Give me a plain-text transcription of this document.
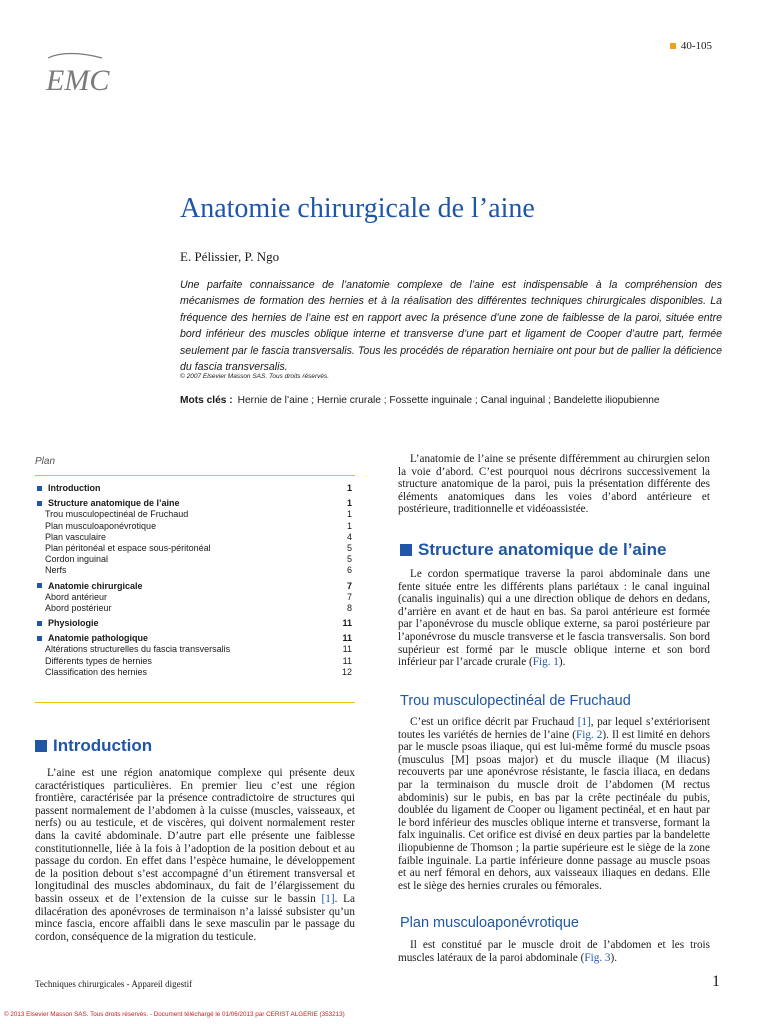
EMC
40-105
Anatomie chirurgicale de l’aine
E. Pélissier, P. Ngo
Une parfaite connaissance de l’anatomie complexe de l’aine est indispensable à la compréhension des mécanismes de formation des hernies et à la réalisation des différentes techniques chirurgicales disponibles. La fréquence des hernies de l’aine est en rapport avec la présence d’une zone de faiblesse de la paroi, située entre bord inférieur des muscles oblique interne et transverse d’une part et ligament de Cooper d’autre part, fermée seulement par le fascia transversalis. Tous les procédés de réparation herniaire ont pour but de pallier la déficience du fascia transversalis.
© 2007 Elsevier Masson SAS. Tous droits réservés.
Mots clés : Hernie de l’aine ; Hernie crurale ; Fossette inguinale ; Canal inguinal ; Bandelette iliopubienne
Plan
Introduction	1
Structure anatomique de l’aine	1
Trou musculopectinéal de Fruchaud	1
Plan musculoaponévrotique	1
Plan vasculaire	4
Plan péritonéal et espace sous-péritonéal	5
Cordon inguinal	5
Nerfs	6
Anatomie chirurgicale	7
Abord antérieur	7
Abord postérieur	8
Physiologie	11
Anatomie pathologique	11
Altérations structurelles du fascia transversalis	11
Différents types de hernies	11
Classification des hernies	12
Introduction

L’aine est une région anatomique complexe qui présente deux caractéristiques particulières. En premier lieu c’est une région frontière, caractérisée par la présence contradictoire de structures qui passent normalement de l’abdomen à la cuisse (muscles, vaisseaux, et nerfs) ou au testicule, et de viscères, qui doivent normalement rester dans la cavité abdominale. D’autre part elle présente une faiblesse constitutionnelle, liée à la fois à l’adoption de la position debout et au passage du cordon. En effet dans l’espèce humaine, le développement de la position debout s’est accompagné d’un étirement transversal et longitudinal des muscles abdominaux, du fait de l’élargissement du bassin osseux et de l’extension de la cuisse sur le bassin [1]. La dilacération des aponévroses de terminaison n’a laissé subsister qu’un mince fascia, encore affaibli dans le sexe masculin par le passage du cordon, conséquence de la migration du testicule.

L’anatomie de l’aine se présente différemment au chirurgien selon la voie d’abord. C’est pourquoi nous décrirons successivement la structure anatomique de la paroi, puis la présentation différente des éléments anatomiques dans les voies d’abord antérieure et postérieure, traditionnelle et vidéoassistée.

Structure anatomique de l’aine

Le cordon spermatique traverse la paroi abdominale dans une fente située entre les différents plans pariétaux : le canal inguinal (canalis inguinalis) qui a une direction oblique de dehors en dedans, d’arrière en avant et de haut en bas. Sa paroi antérieure est formée par l’aponévrose du muscle oblique externe, sa paroi postérieure par l’aponévrose du muscle transverse et le fascia transversalis. Son bord supérieur est formé par le muscle oblique interne et son bord inférieur par l’arcade crurale (Fig. 1).

Trou musculopectinéal de Fruchaud

C’est un orifice décrit par Fruchaud [1], par lequel s’extériorisent toutes les variétés de hernies de l’aine (Fig. 2). Il est limité en dehors par le muscle psoas iliaque, qui est lui-même formé du muscle psoas (musculus [M] psoas major) et du muscle iliaque (M iliacus) recouverts par une aponévrose résistante, le fascia iliaca, en dedans par la terminaison du muscle droit de l’abdomen (M rectus abdominis) sur le pubis, en bas par la crête pectinéale du pubis, doublée du ligament de Cooper ou ligament pectinéal, et en haut par le bord inférieur des muscles oblique interne et transverse, formant la falx inguinalis. Cet orifice est divisé en deux parties par la bandelette iliopubienne de Thomson ; la partie supérieure est le siège de la zone faible inguinale. La partie inférieure donne passage au muscle psoas et au nerf fémoral en dehors, aux vaisseaux iliaques en dedans. Elle est le siège des hernies crurales ou fémorales.

Plan musculoaponévrotique

Il est constitué par le muscle droit de l’abdomen et les trois muscles latéraux de la paroi abdominale (Fig. 3).

Techniques chirurgicales - Appareil digestif	1
© 2013 Elsevier Masson SAS. Tous droits réservés. - Document téléchargé le 01/06/2013 par CERIST ALGERIE (353213)
